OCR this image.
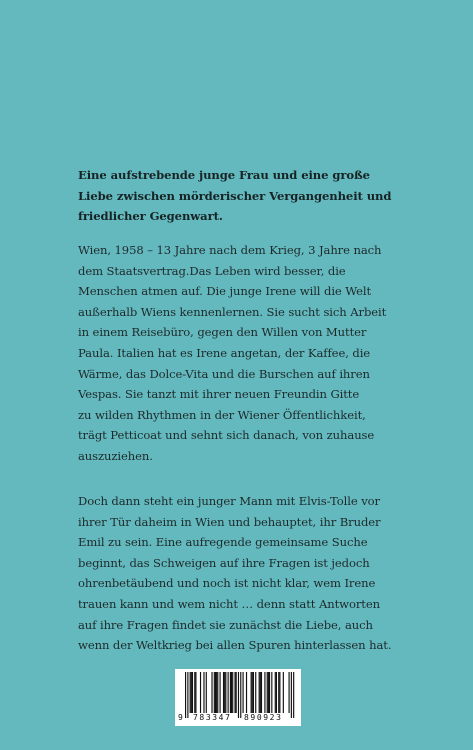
Eine aufstrebende junge Frau und eine große
Liebe zwischen mörderischer Vergangenheit und
friedlicher Gegenwart.
Wien, 1958 – 13 Jahre nach dem Krieg, 3 Jahre nach
dem Staatsvertrag.Das Leben wird besser, die
Menschen atmen auf. Die junge Irene will die Welt
außerhalb Wiens kennenlernen. Sie sucht sich Arbeit
in einem Reisebüro, gegen den Willen von Mutter
Paula. Italien hat es Irene angetan, der Kaffee, die
Wärme, das Dolce-Vita und die Burschen auf ihren
Vespas. Sie tanzt mit ihrer neuen Freundin Gitte
zu wilden Rhythmen in der Wiener Öffentlichkeit,
trägt Petticoat und sehnt sich danach, von zuhause
auszuziehen.
Doch dann steht ein junger Mann mit Elvis-Tolle vor
ihrer Tür daheim in Wien und behauptet, ihr Bruder
Emil zu sein. Eine aufregende gemeinsame Suche
beginnt, das Schweigen auf ihre Fragen ist jedoch
ohrenbetäubend und noch ist nicht klar, wem Irene
trauen kann und wem nicht … denn statt Antworten
auf ihre Fragen findet sie zunächst die Liebe, auch
wenn der Weltkrieg bei allen Spuren hinterlassen hat.
9 783347 890923
